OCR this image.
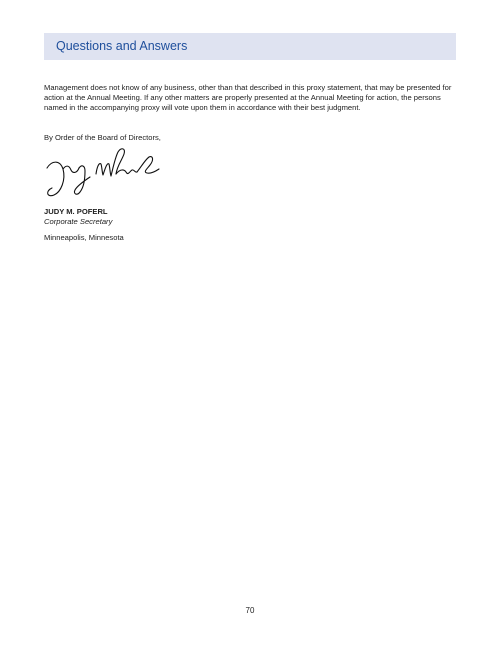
Questions and Answers

Management does not know of any business, other than that described in this proxy statement, that may be presented for action at the Annual Meeting. If any other matters are properly presented at the Annual Meeting for action, the persons named in the accompanying proxy will vote upon them in accordance with their best judgment.

By Order of the Board of Directors,
JUDY M. POFERL
Corporate Secretary
Minneapolis, Minnesota
70
